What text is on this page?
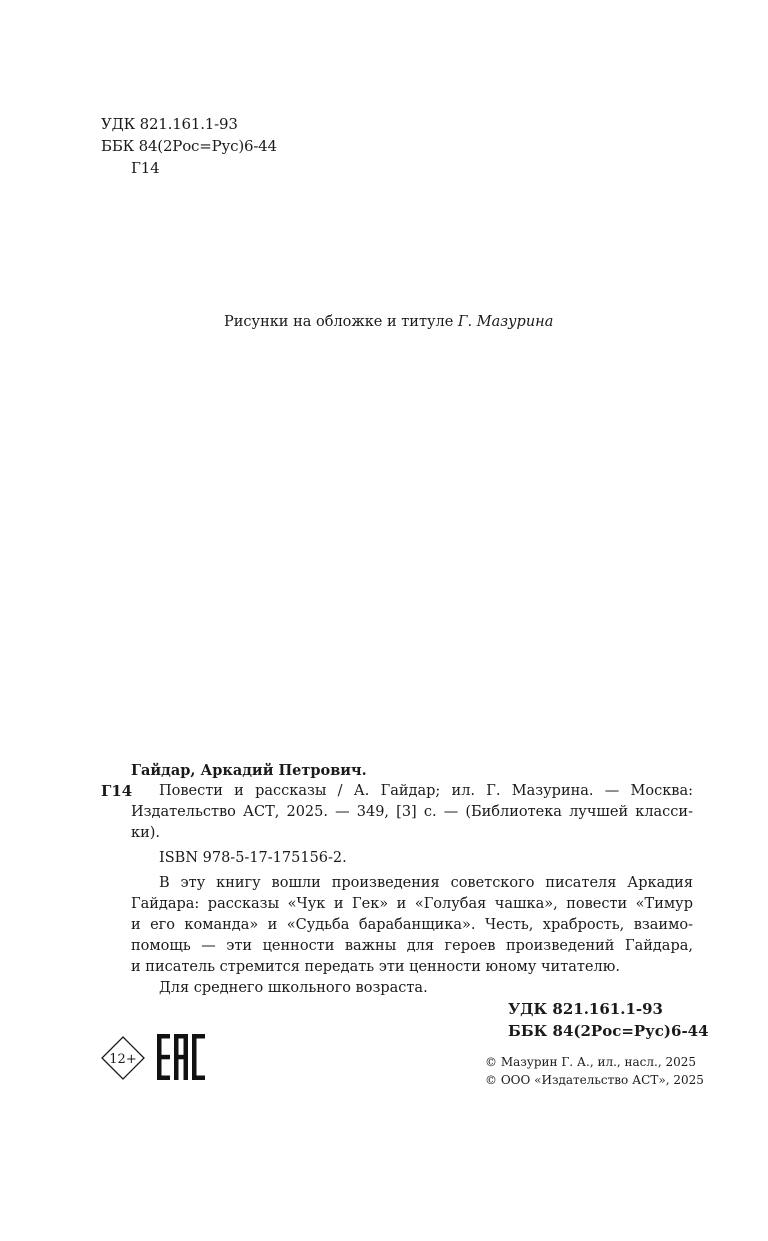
УДК 821.161.1-93
ББК 84(2Рос=Рус)6-44
Г14
Рисунки на обложке и титуле Г. Мазурина
Г14
Гайдар, Аркадий Петрович.
Повести и рассказы / А. Гайдар; ил. Г. Мазурина. — Москва:
Издательство АСТ, 2025. — 349, [3] с. — (Библиотека лучшей класси-
ки).
ISBN 978-5-17-175156-2.
В эту книгу вошли произведения советского писателя Аркадия
Гайдара: рассказы «Чук и Гек» и «Голубая чашка», повести «Тимур
и его команда» и «Судьба барабанщика». Честь, храбрость, взаимо-
помощь — эти ценности важны для героев произведений Гайдара,
и писатель стремится передать эти ценности юному читателю.
Для среднего школьного возраста.
УДК 821.161.1-93
ББК 84(2Рос=Рус)6-44
© Мазурин Г. А., ил., насл., 2025
© ООО «Издательство АСТ», 2025
12+
